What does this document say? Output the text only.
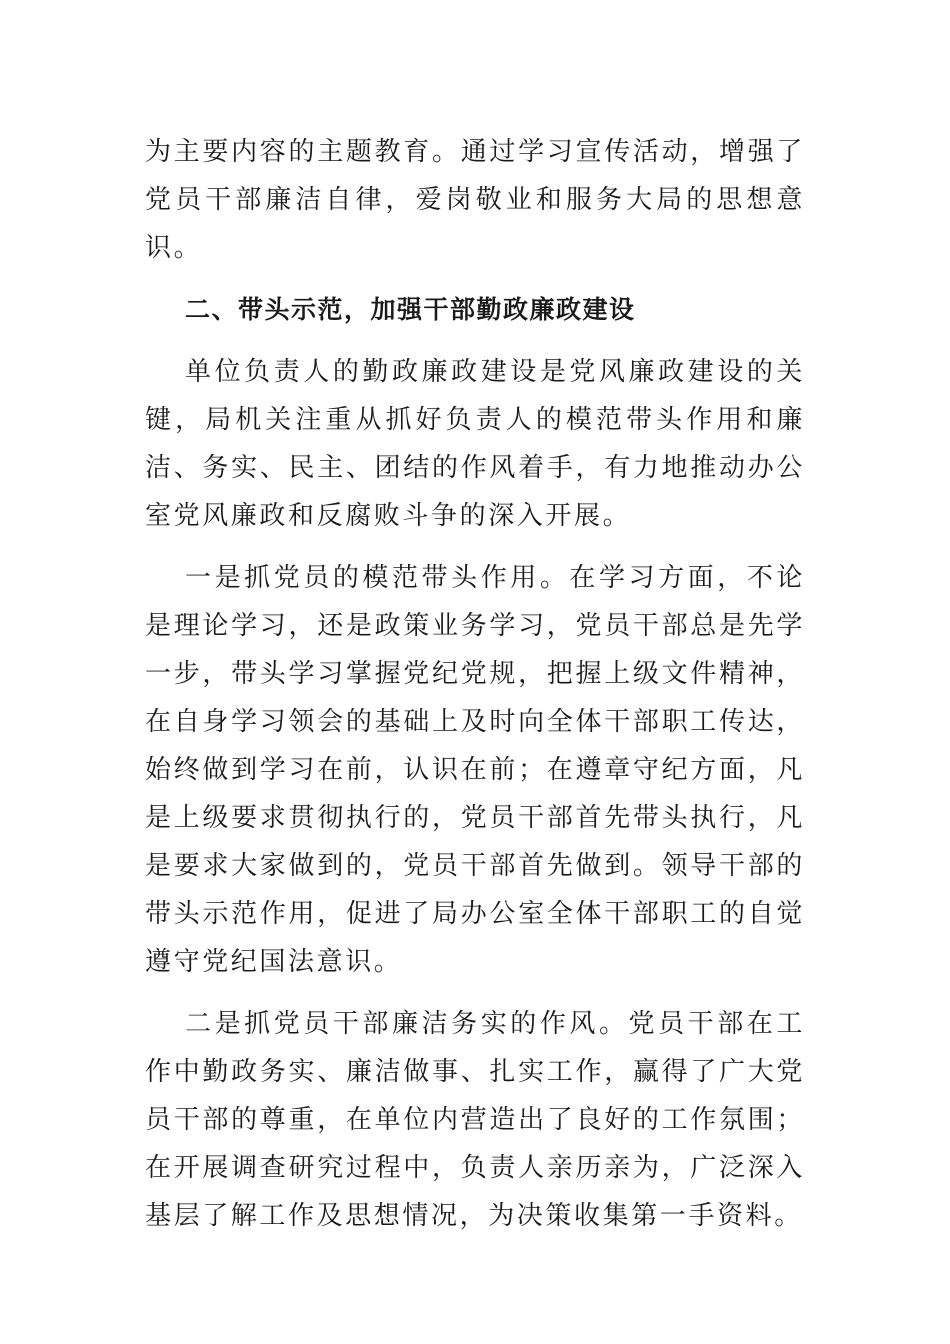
为主要内容的主题教育。通过学习宣传活动，增强了党员干部廉洁自律，爱岗敬业和服务大局的思想意识。

二、带头示范，加强干部勤政廉政建设

单位负责人的勤政廉政建设是党风廉政建设的关键，局机关注重从抓好负责人的模范带头作用和廉洁、务实、民主、团结的作风着手，有力地推动办公室党风廉政和反腐败斗争的深入开展。

一是抓党员的模范带头作用。在学习方面，不论是理论学习，还是政策业务学习，党员干部总是先学一步，带头学习掌握党纪党规，把握上级文件精神，在自身学习领会的基础上及时向全体干部职工传达，始终做到学习在前，认识在前；在遵章守纪方面，凡是上级要求贯彻执行的，党员干部首先带头执行，凡是要求大家做到的，党员干部首先做到。领导干部的带头示范作用，促进了局办公室全体干部职工的自觉遵守党纪国法意识。

二是抓党员干部廉洁务实的作风。党员干部在工作中勤政务实、廉洁做事、扎实工作，赢得了广大党员干部的尊重，在单位内营造出了良好的工作氛围；在开展调查研究过程中，负责人亲历亲为，广泛深入基层了解工作及思想情况，为决策收集第一手资料。
